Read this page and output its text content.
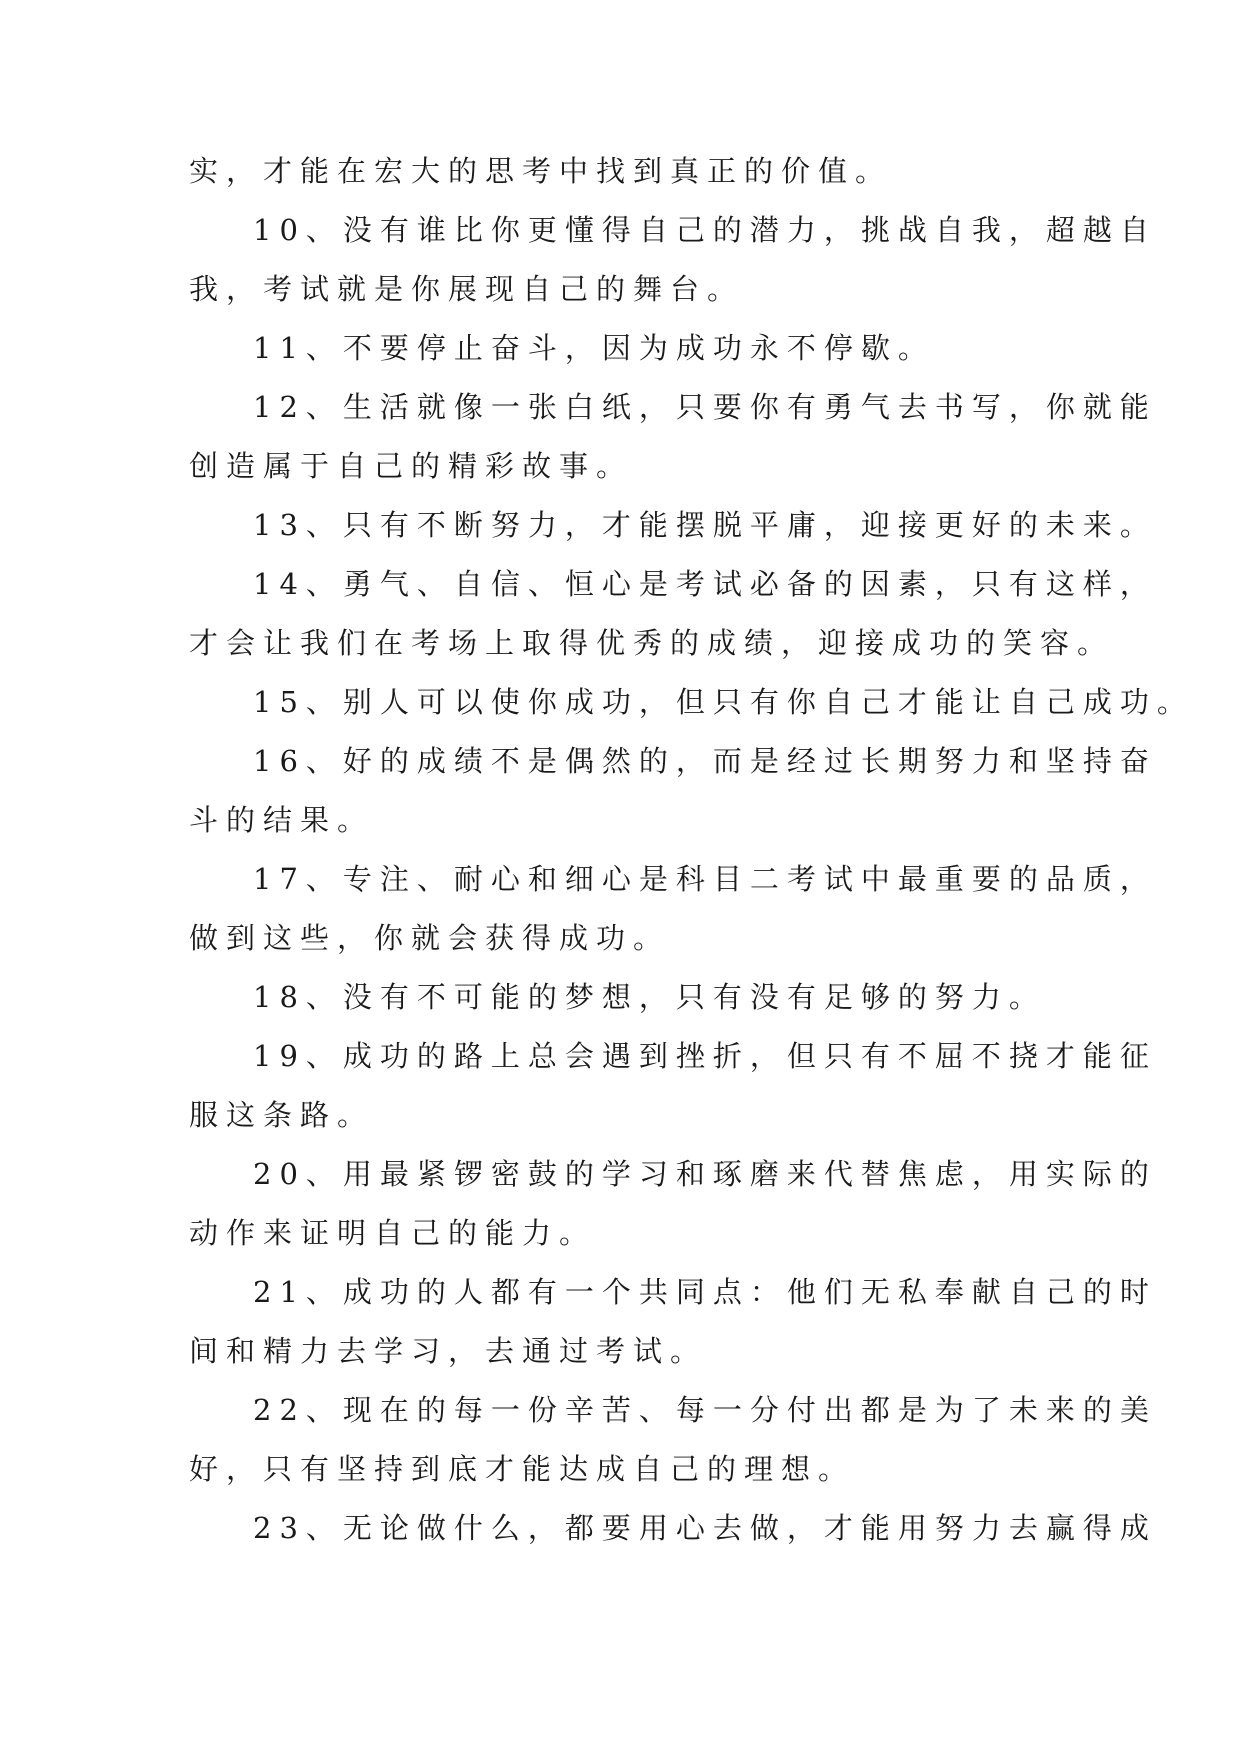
实，才能在宏大的思考中找到真正的价值。
10、没有谁比你更懂得自己的潜力，挑战自我，超越自
我，考试就是你展现自己的舞台。
11、不要停止奋斗，因为成功永不停歇。
12、生活就像一张白纸，只要你有勇气去书写，你就能
创造属于自己的精彩故事。
13、只有不断努力，才能摆脱平庸，迎接更好的未来。
14、勇气、自信、恒心是考试必备的因素，只有这样，
才会让我们在考场上取得优秀的成绩，迎接成功的笑容。
15、别人可以使你成功，但只有你自己才能让自己成功。
16、好的成绩不是偶然的，而是经过长期努力和坚持奋
斗的结果。
17、专注、耐心和细心是科目二考试中最重要的品质，
做到这些，你就会获得成功。
18、没有不可能的梦想，只有没有足够的努力。
19、成功的路上总会遇到挫折，但只有不屈不挠才能征
服这条路。
20、用最紧锣密鼓的学习和琢磨来代替焦虑，用实际的
动作来证明自己的能力。
21、成功的人都有一个共同点：他们无私奉献自己的时
间和精力去学习，去通过考试。
22、现在的每一份辛苦、每一分付出都是为了未来的美
好，只有坚持到底才能达成自己的理想。
23、无论做什么，都要用心去做，才能用努力去赢得成
